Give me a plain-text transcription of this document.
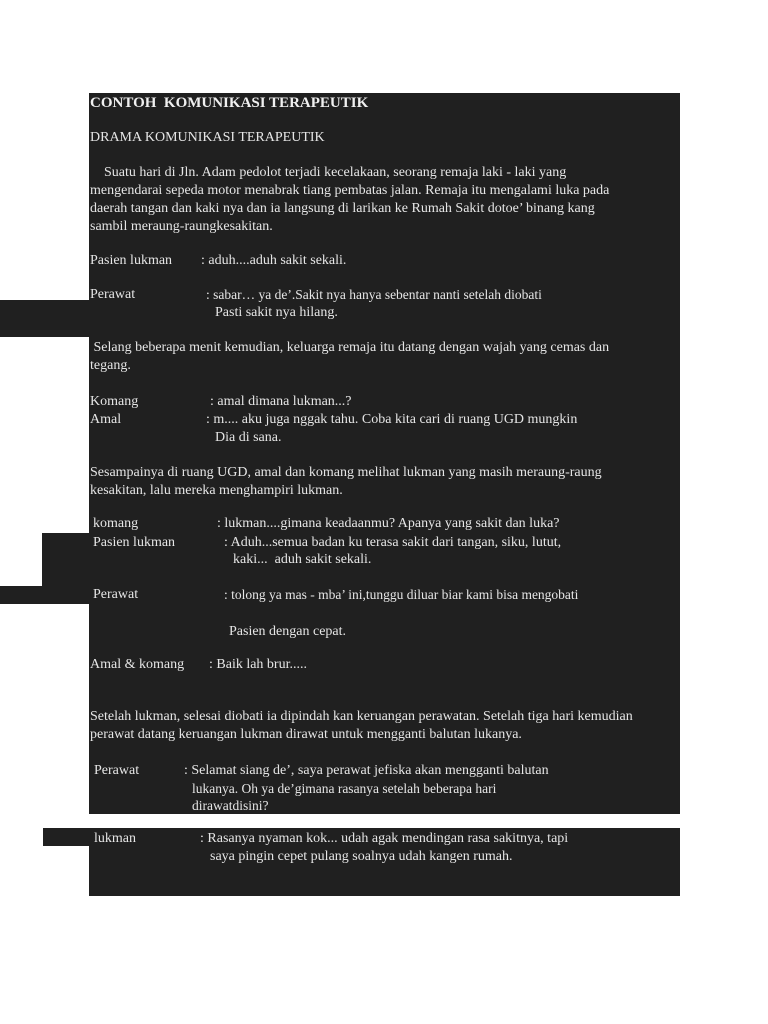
CONTOH  KOMUNIKASI TERAPEUTIK
DRAMA KOMUNIKASI TERAPEUTIK
Suatu hari di Jln. Adam pedolot terjadi kecelakaan, seorang remaja laki - laki yang
mengendarai sepeda motor menabrak tiang pembatas jalan. Remaja itu mengalami luka pada
daerah tangan dan kaki nya dan ia langsung di larikan ke Rumah Sakit dotoe’ binang kang
sambil meraung-raungkesakitan.
Pasien lukman : aduh....aduh sakit sekali.
Perawat	: sabar… ya de’.Sakit nya hanya sebentar nanti setelah diobati
Pasti sakit nya hilang.
Selang beberapa menit kemudian, keluarga remaja itu datang dengan wajah yang cemas dan
tegang.
Komang	: amal dimana lukman...?
Amal	: m.... aku juga nggak tahu. Coba kita cari di ruang UGD mungkin
Dia di sana.
Sesampainya di ruang UGD, amal dan komang melihat lukman yang masih meraung-raung
kesakitan, lalu mereka menghampiri lukman.
komang	: lukman....gimana keadaanmu? Apanya yang sakit dan luka?
Pasien lukman	: Aduh...semua badan ku terasa sakit dari tangan, siku, lutut,
kaki...  aduh sakit sekali.
Perawat	: tolong ya mas - mba’ ini,tunggu diluar biar kami bisa mengobati
Pasien dengan cepat.
Amal & komang : Baik lah brur.....
Setelah lukman, selesai diobati ia dipindah kan keruangan perawatan. Setelah tiga hari kemudian
perawat datang keruangan lukman dirawat untuk mengganti balutan lukanya.
Perawat	: Selamat siang de’, saya perawat jefiska akan mengganti balutan
lukanya. Oh ya de’gimana rasanya setelah beberapa hari
dirawatdisini?
lukman	: Rasanya nyaman kok... udah agak mendingan rasa sakitnya, tapi
saya pingin cepet pulang soalnya udah kangen rumah.
